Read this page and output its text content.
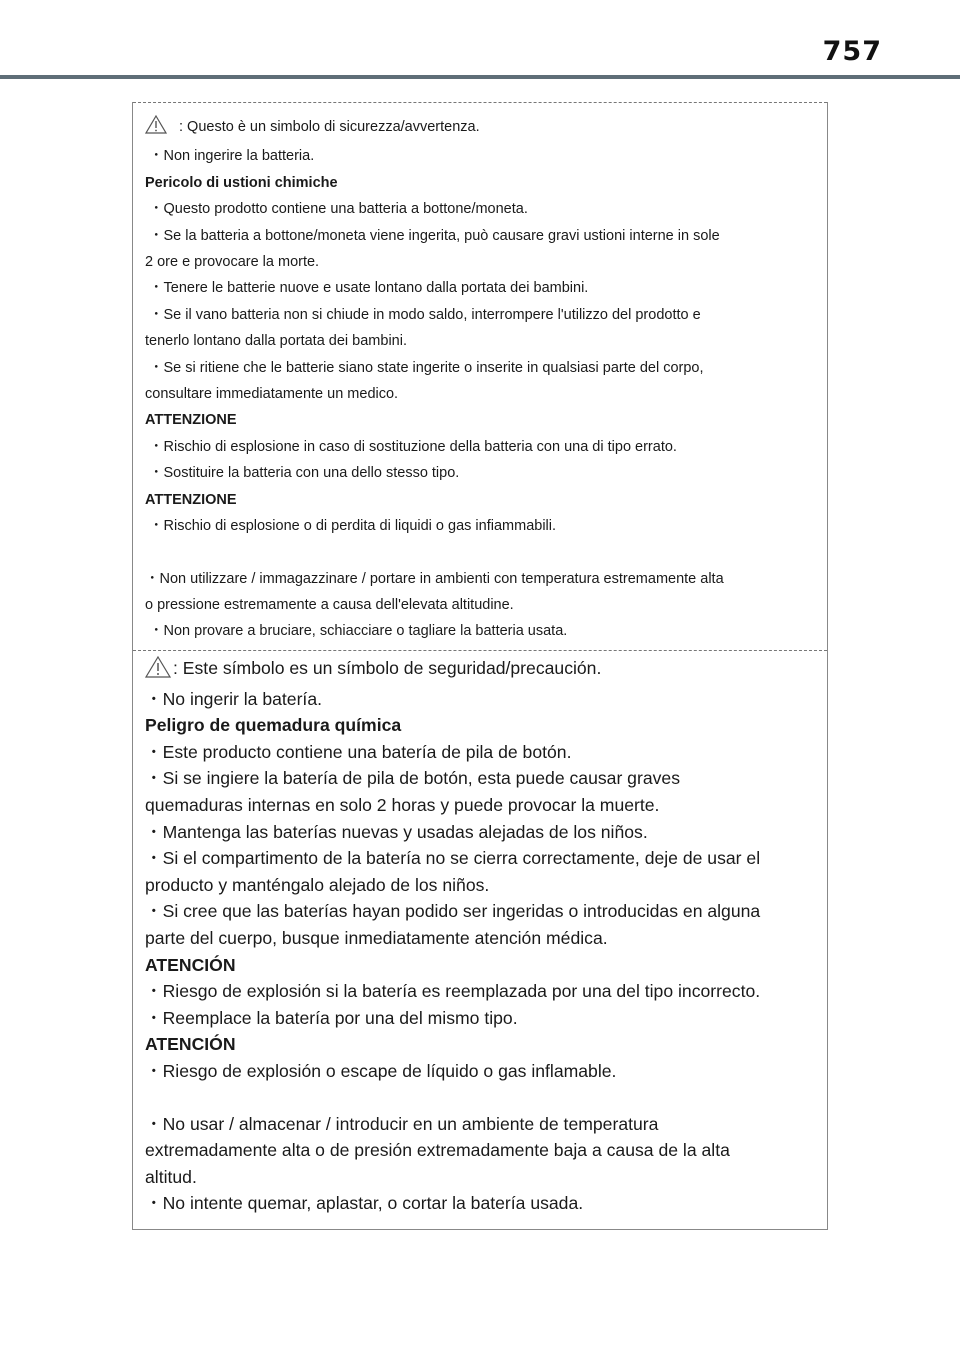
757
: Questo è un simbolo di sicurezza/avvertenza.
・Non ingerire la batteria.
Pericolo di ustioni chimiche
・Questo prodotto contiene una batteria a bottone/moneta.
・Se la batteria a bottone/moneta viene ingerita, può causare gravi ustioni interne in sole
2 ore e provocare la morte.
・Tenere le batterie nuove e usate lontano dalla portata dei bambini.
・Se il vano batteria non si chiude in modo saldo, interrompere l'utilizzo del prodotto e
tenerlo lontano dalla portata dei bambini.
・Se si ritiene che le batterie siano state ingerite o inserite in qualsiasi parte del corpo,
consultare immediatamente un medico.
ATTENZIONE
・Rischio di esplosione in caso di sostituzione della batteria con una di tipo errato.
・Sostituire la batteria con una dello stesso tipo.
ATTENZIONE
・Rischio di esplosione o di perdita di liquidi o gas infiammabili.
・Non utilizzare / immagazzinare / portare in ambienti con temperatura estremamente alta
o pressione estremamente a causa dell'elevata altitudine.
・Non provare a bruciare, schiacciare o tagliare la batteria usata.
: Este símbolo es un símbolo de seguridad/precaución.
・No ingerir la batería.
Peligro de quemadura química
・Este producto contiene una batería de pila de botón.
・Si se ingiere la batería de pila de botón, esta puede causar graves
quemaduras internas en solo 2 horas y puede provocar la muerte.
・Mantenga las baterías nuevas y usadas alejadas de los niños.
・Si el compartimento de la batería no se cierra correctamente, deje de usar el
producto y manténgalo alejado de los niños.
・Si cree que las baterías hayan podido ser ingeridas o introducidas en alguna
parte del cuerpo, busque inmediatamente atención médica.
ATENCIÓN
・Riesgo de explosión si la batería es reemplazada por una del tipo incorrecto.
・Reemplace la batería por una del mismo tipo.
ATENCIÓN
・Riesgo de explosión o escape de líquido o gas inflamable.
・No usar / almacenar / introducir en un ambiente de temperatura
extremadamente alta o de presión extremadamente baja a causa de la alta
altitud.
・No intente quemar, aplastar, o cortar la batería usada.
